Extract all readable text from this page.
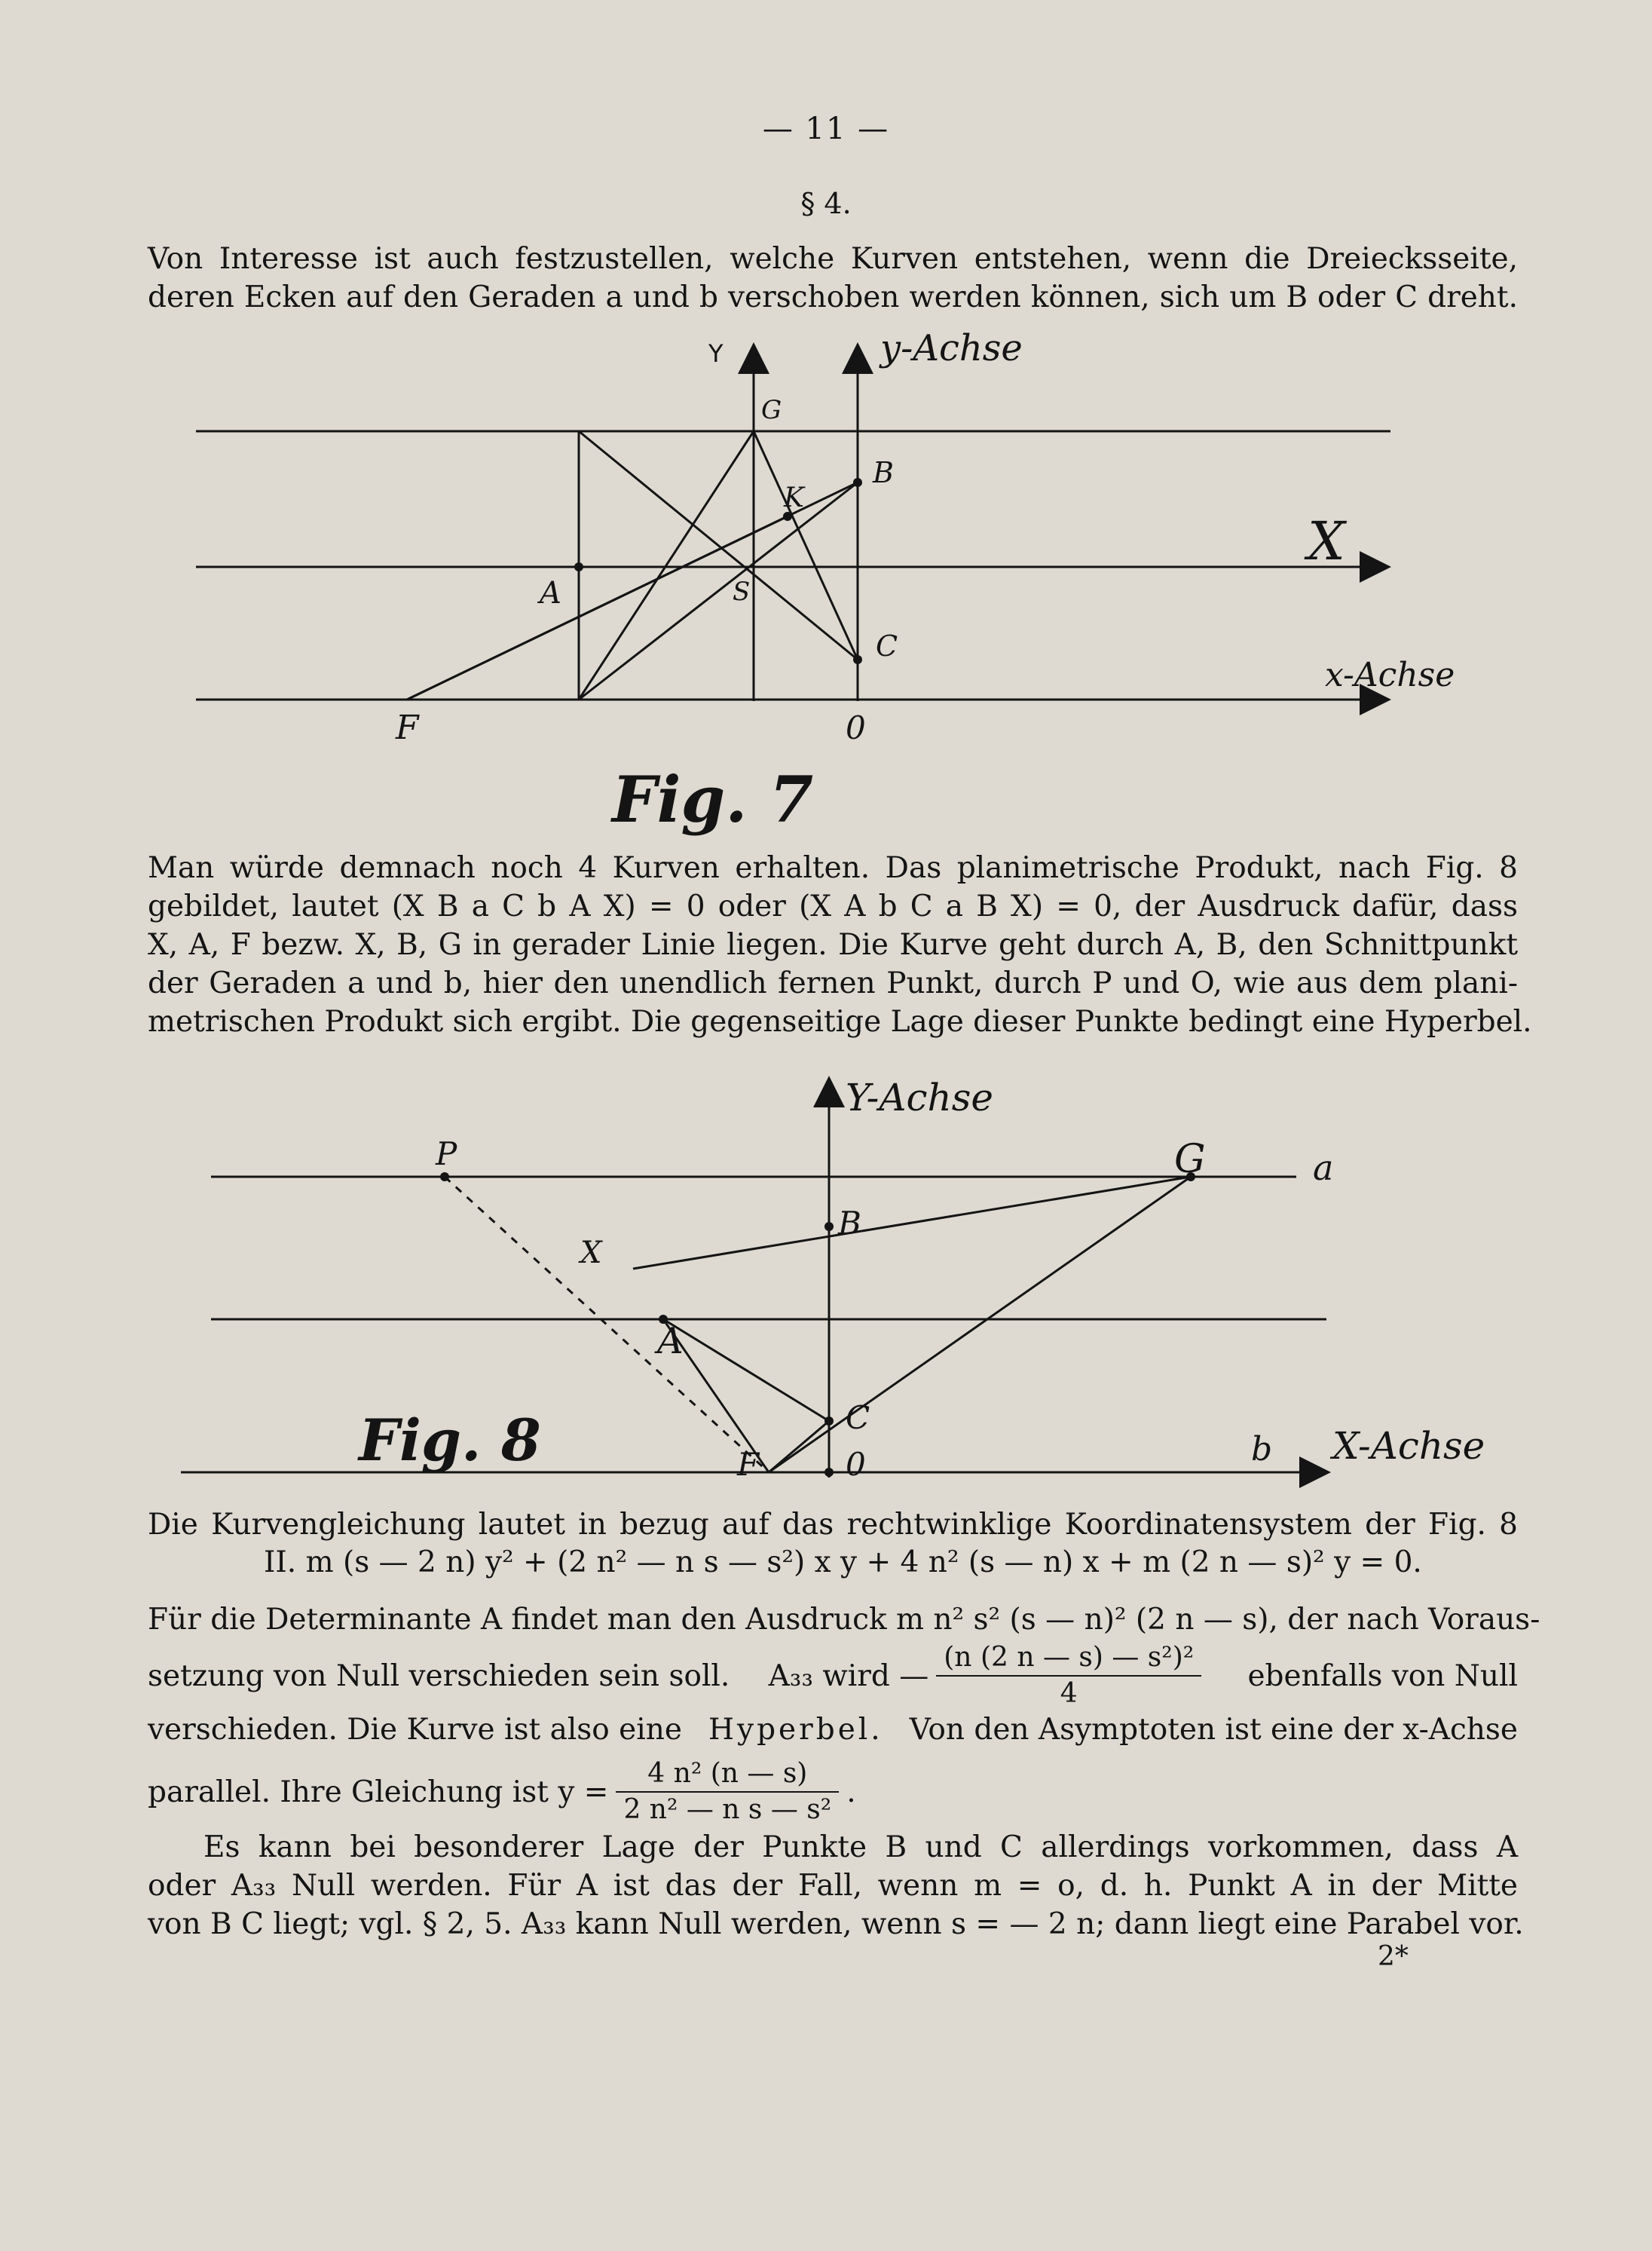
— 11 —
§ 4.
Von Interesse ist auch festzustellen, welche Kurven entstehen, wenn die Dreiecksseite,
deren Ecken auf den Geraden a und b verschoben werden können, sich um B oder C dreht.
Y	y-Achse
G
K
B
A	S
C
X
x-Achse
F	0
Fig. 7
Man würde demnach noch 4 Kurven erhalten. Das planimetrische Produkt, nach Fig. 8
gebildet, lautet (X B a C b A X) = 0 oder (X A b C a B X) = 0, der Ausdruck dafür, dass
X, A, F bezw. X, B, G in gerader Linie liegen. Die Kurve geht durch A, B, den Schnittpunkt
der Geraden a und b, hier den unendlich fernen Punkt, durch P und O, wie aus dem plani-
metrischen Produkt sich ergibt. Die gegenseitige Lage dieser Punkte bedingt eine Hyperbel.
Y-Achse
P	G	a
X
B
A
C
F	0	b X-Achse
Fig. 8
Die Kurvengleichung lautet in bezug auf das rechtwinklige Koordinatensystem der Fig. 8
II. m (s — 2 n) y² + (2 n² — n s — s²) x y + 4 n² (s — n) x + m (2 n — s)² y = 0.
Für die Determinante A findet man den Ausdruck m n² s² (s — n)² (2 n — s), der nach Voraus-
setzung von Null verschieden sein soll. A₃₃ wird — $\frac{\text{(n (2 n — s) — s²)²}}{4}$ ebenfalls von Null
verschieden. Die Kurve ist also eine Hyperbel. Von den Asymptoten ist eine der x-Achse
parallel. Ihre Gleichung ist $y = \frac{\text{4 n² (n — s)}}{\text{2 n² — n s — s²}}$ .
Es kann bei besonderer Lage der Punkte B und C allerdings vorkommen, dass A
oder A₃₃ Null werden. Für A ist das der Fall, wenn m = o, d. h. Punkt A in der Mitte
von B C liegt; vgl. § 2, 5. A₃₃ kann Null werden, wenn s = — 2 n; dann liegt eine Parabel vor.
2*
